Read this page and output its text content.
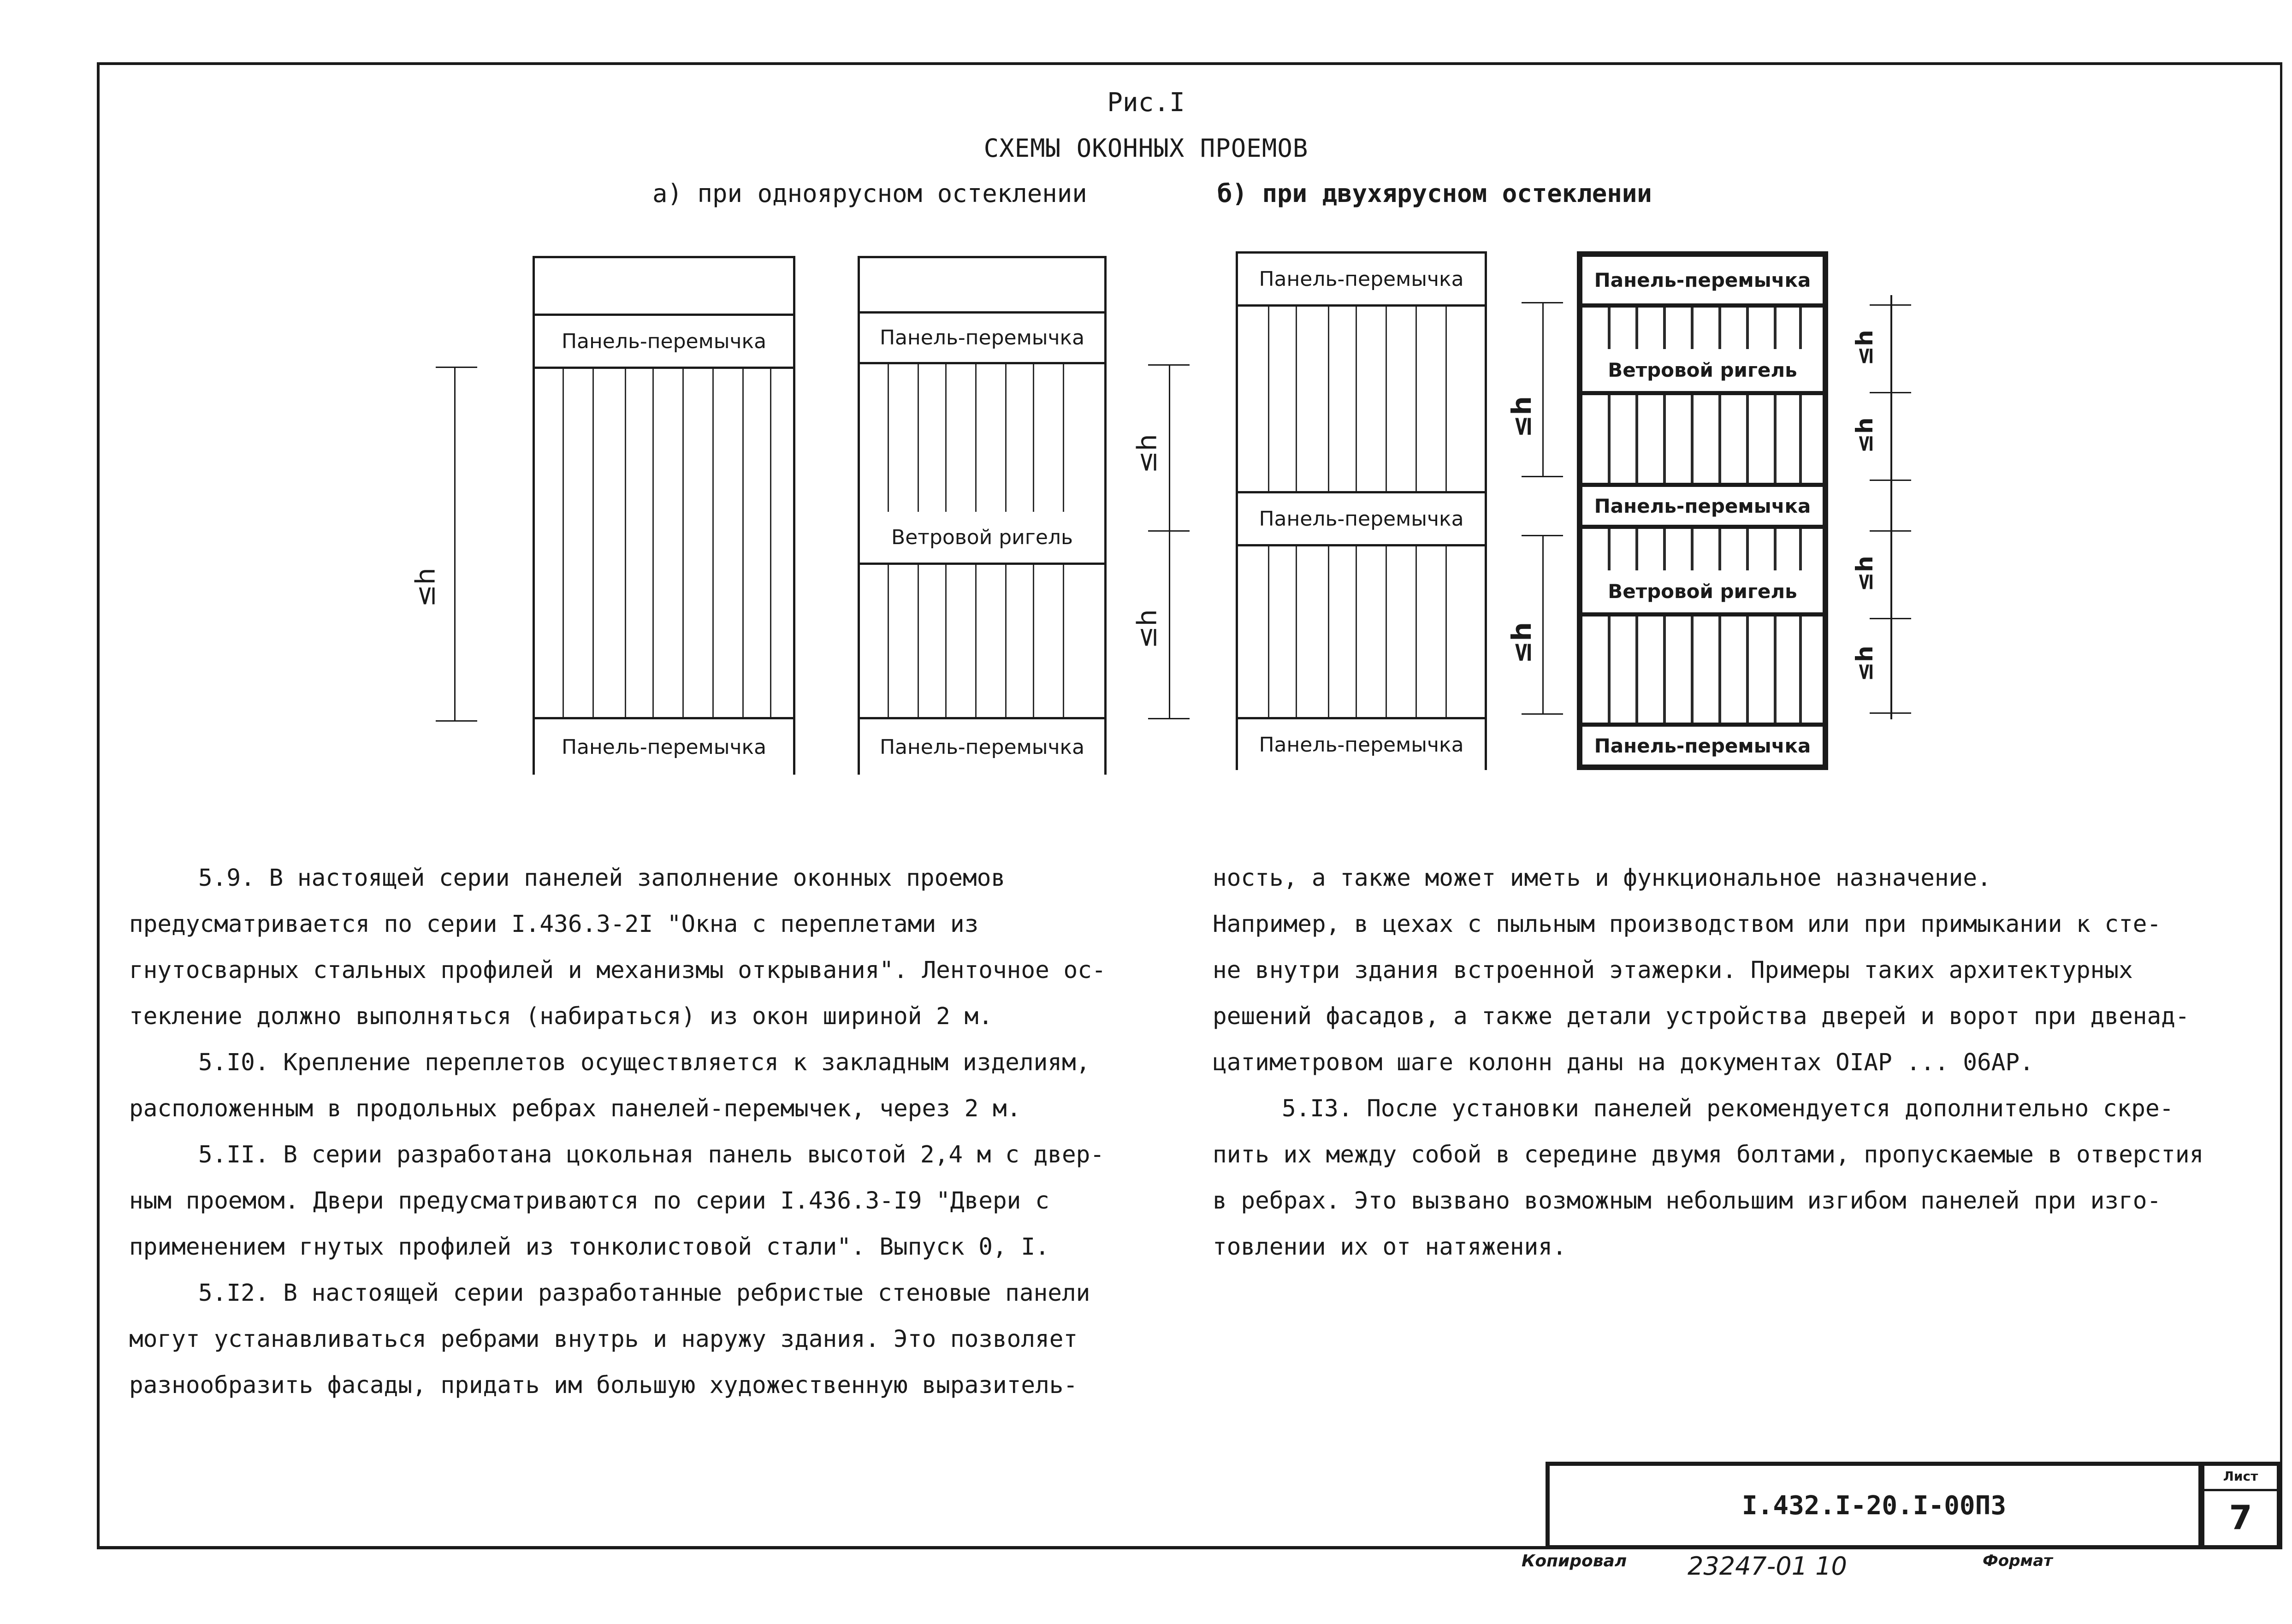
Рис.I
СХЕМЫ ОКОННЫХ ПРОЕМОВ
а) при одноярусном остеклении	б) при двухярусном остеклении
Панель-перемычка
Панель-перемычка
≤h
Панель-перемычка
Ветровой ригель
Панель-перемычка
≤h
≤h
Панель-перемычка
Панель-перемычка
Панель-перемычка
≤h
≤h
Панель-перемычка
Ветровой ригель
Панель-перемычка
Ветровой ригель
Панель-перемычка
≤h
≤h
≤h
≤h

5.9. В настоящей серии панелей заполнение оконных проемов

предусматривается по серии I.436.3-2I "Окна с переплетами из

гнутосварных стальных профилей и механизмы открывания". Ленточное ос-

текление должно выполняться (набираться) из окон шириной 2 м.

5.I0. Крепление переплетов осуществляется к закладным изделиям,

расположенным в продольных ребрах панелей-перемычек, через 2 м.

5.II. В серии разработана цокольная панель высотой 2,4 м с двер-

ным проемом. Двери предусматриваются по серии I.436.3-I9 "Двери с

применением гнутых профилей из тонколистовой стали". Выпуск 0, I.

5.I2. В настоящей серии разработанные ребристые стеновые панели

могут устанавливаться ребрами внутрь и наружу здания. Это позволяет

разнообразить фасады, придать им большую художественную выразитель-

ность, а также может иметь и функциональное назначение.

Например, в цехах с пыльным производством или при примыкании к сте-

не внутри здания встроенной этажерки. Примеры таких архитектурных

решений фасадов, а также детали устройства дверей и ворот при двенад-

цатиметровом шаге колонн даны на документах OIAP ... 06AP.

5.I3. После установки панелей рекомендуется дополнительно скре-

пить их между собой в середине двумя болтами, пропускаемые в отверстия

в ребрах. Это вызвано возможным небольшим изгибом панелей при изго-

товлении их от натяжения.

I.432.I-20.I-00ПЗ
Лист
7
Копировал 23247-01 10	Формат
